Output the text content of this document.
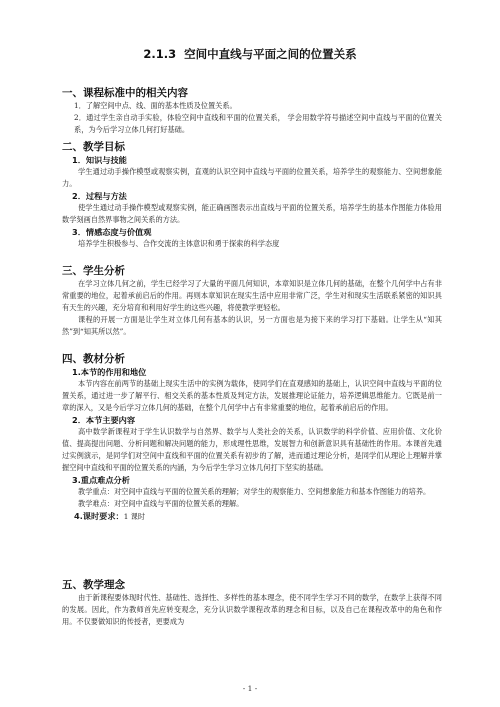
2.1.3 空间中直线与平面之间的位置关系
一、课程标准中的相关内容

1．了解空间中点、线、面的基本性质及位置关系。

2．通过学生亲自动手实验，体验空间中直线和平面的位置关系， 学会用数学符号描述空间中直线与平面的位置关系，为今后学习立体几何打好基础。

二、教学目标
1．知识与技能

学生通过动手操作模型或观察实例，直观的认识空间中直线与平面的位置关系，培养学生的观察能力、空间想象能力。

2．过程与方法

使学生通过动手操作模型或观察实例，能正确画图表示出直线与平面的位置关系，培养学生的基本作图能力体验用数学刻画自然界事物之间关系的方法。

3．情感态度与价值观

培养学生积极参与、合作交流的主体意识和勇于探索的科学态度

三、学生分析

在学习立体几何之前，学生已经学习了大量的平面几何知识，本章知识是立体几何的基础，在整个几何学中占有非常重要的地位，起着承前启后的作用。再则本章知识在现实生活中应用非常广泛，学生对和现实生活联系紧密的知识具有天生的兴趣，充分培育和利用好学生的这些兴趣，将使教学更轻松。

课程的开展一方面是让学生对立体几何有基本的认识，另一方面也是为接下来的学习打下基础。让学生从“知其然”到“知其所以然”。

四、教材分析
1.本节的作用和地位

本节内容在前两节的基础上现实生活中的实例为载体，使同学们在直观感知的基础上，认识空间中直线与平面的位置关系，通过进一步了解平行、相交关系的基本性质及判定方法，发展推理论证能力，培养逻辑思维能力。它既是前一章的深入，又是今后学习立体几何的基础，在整个几何学中占有非常重要的地位，起着承前启后的作用。

2．本节主要内容

高中数学新课程对于学生认识数学与自然界、数学与人类社会的关系，认识数学的科学价值、应用价值、文化价值、提高提出问题、分析问题和解决问题的能力，形成理性思维，发展智力和创新意识具有基础性的作用。本课首先通过实例演示，是同学们对空间中直线和平面的位置关系有初步的了解，进而通过理论分析，是同学们从理论上理解并掌握空间中直线和平面的位置关系的内涵，为今后学生学习立体几何打下坚实的基础。

3.重点难点分析

教学重点：对空间中直线与平面的位置关系的理解；对学生的观察能力、空间想象能力和基本作图能力的培养。

教学难点：对空间中直线与平面的位置关系的理解。

4.课时要求：1 课时

五、教学理念

由于新课程要体现时代性、基础性、选择性、多样性的基本理念，使不同学生学习不同的数学，在数学上获得不同的发展。因此，作为教师首先应转变观念，充分认识数学课程改革的理念和目标，以及自己在课程改革中的角色和作用。不仅要做知识的传授者，更要成为

- 1 -
